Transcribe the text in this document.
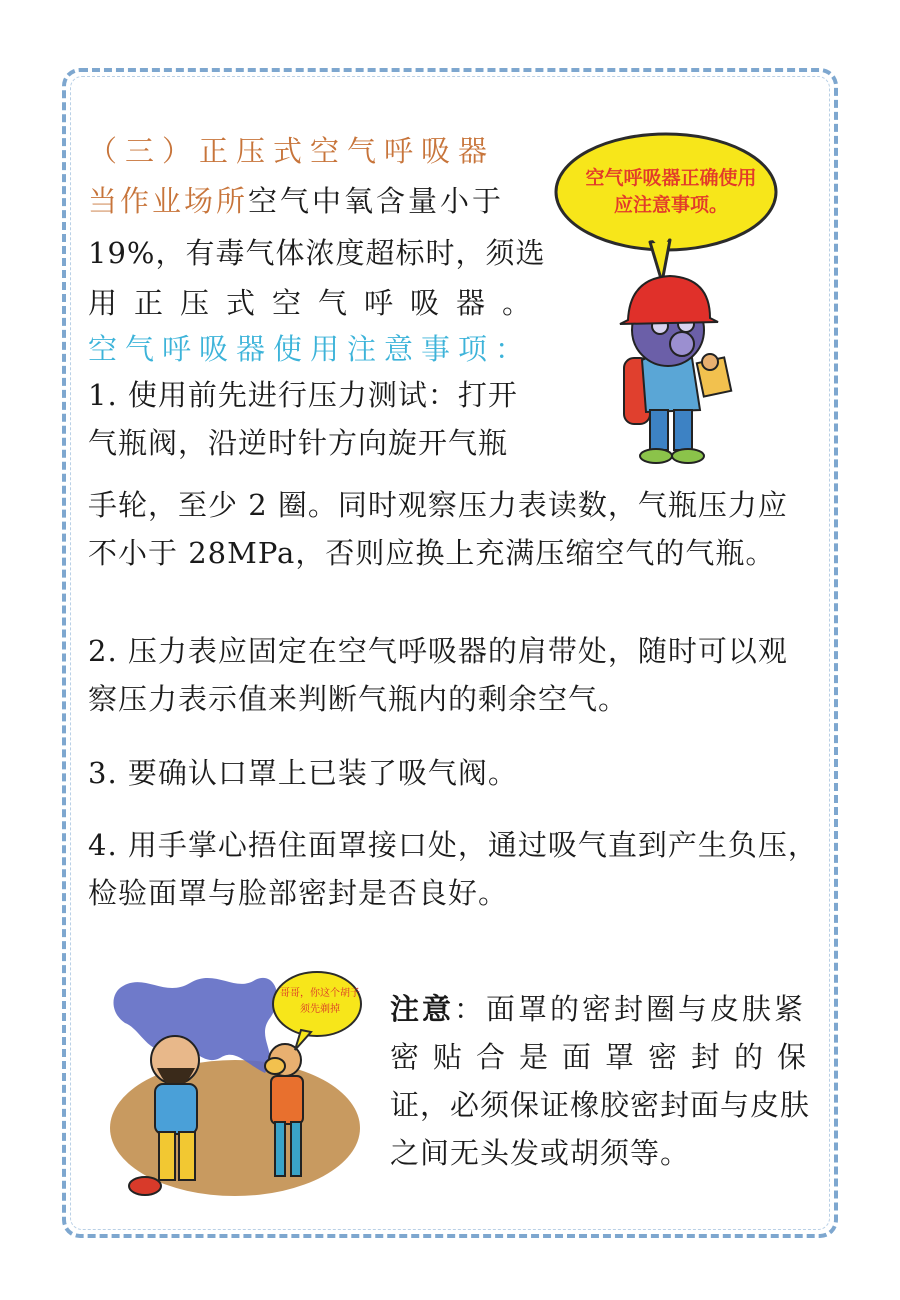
（三）正压式空气呼吸器
当作业场所空气中氧含量小于
19%，有毒气体浓度超标时，须选
用正压式空气呼吸器。
空气呼吸器使用注意事项：
1. 使用前先进行压力测试：打开
气瓶阀，沿逆时针方向旋开气瓶
手轮，至少 2 圈。同时观察压力表读数，气瓶压力应
不小于 28MPa，否则应换上充满压缩空气的气瓶。
2. 压力表应固定在空气呼吸器的肩带处，随时可以观
察压力表示值来判断气瓶内的剩余空气。
3. 要确认口罩上已装了吸气阀。
4. 用手掌心捂住面罩接口处，通过吸气直到产生负压，
检验面罩与脸部密封是否良好。
注意：面罩的密封圈与皮肤紧
密贴合是面罩密封的保
证，必须保证橡胶密封面与皮肤
之间无头发或胡须等。
空气呼吸器正确使用
应注意事项。
哥哥，你这个胡子
须先剃掉
